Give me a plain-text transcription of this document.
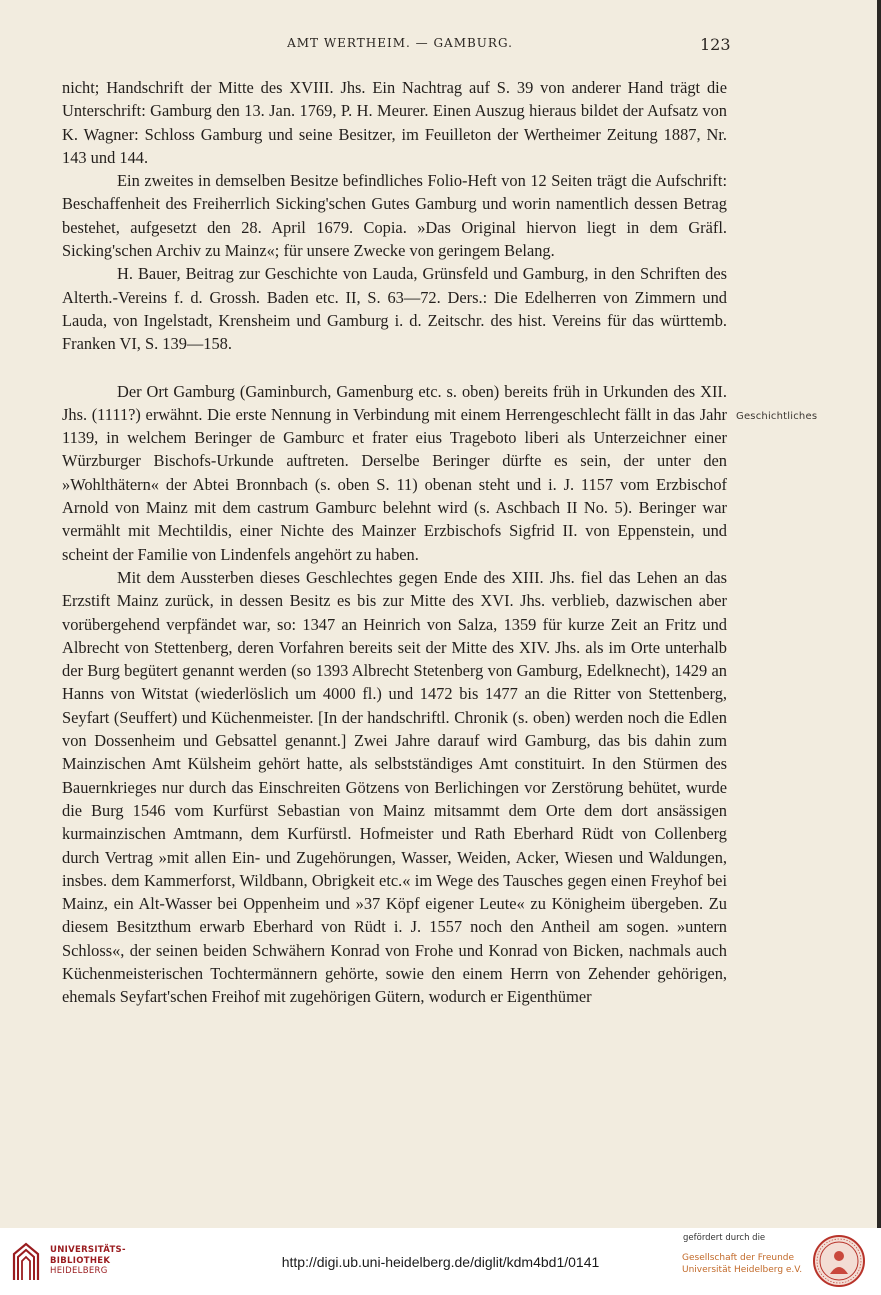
AMT WERTHEIM. — GAMBURG.	123

nicht; Handschrift der Mitte des XVIII. Jhs. Ein Nachtrag auf S. 39 von anderer Hand trägt die Unterschrift: Gamburg den 13. Jan. 1769, P. H. Meurer. Einen Auszug hieraus bildet der Aufsatz von K. Wagner: Schloss Gamburg und seine Besitzer, im Feuilleton der Wertheimer Zeitung 1887, Nr. 143 und 144.

Ein zweites in demselben Besitze befindliches Folio-Heft von 12 Seiten trägt die Aufschrift: Beschaffenheit des Freiherrlich Sicking'schen Gutes Gamburg und worin namentlich dessen Betrag bestehet, aufgesetzt den 28. April 1679. Copia. »Das Original hiervon liegt in dem Gräfl. Sicking'schen Archiv zu Mainz«; für unsere Zwecke von geringem Belang.

H. Bauer, Beitrag zur Geschichte von Lauda, Grünsfeld und Gamburg, in den Schriften des Alterth.-Vereins f. d. Grossh. Baden etc. II, S. 63—72. Ders.: Die Edelherren von Zimmern und Lauda, von Ingelstadt, Krensheim und Gamburg i. d. Zeitschr. des hist. Vereins für das württemb. Franken VI, S. 139—158.

Der Ort Gamburg (Gaminburch, Gamenburg etc. s. oben) bereits früh in Urkunden des XII. Jhs. (1111?) erwähnt. Die erste Nennung in Verbindung mit einem Herrengeschlecht fällt in das Jahr 1139, in welchem Beringer de Gamburc et frater eius Trageboto liberi als Unterzeichner einer Würzburger Bischofs-Urkunde auftreten. Derselbe Beringer dürfte es sein, der unter den »Wohlthätern« der Abtei Bronnbach (s. oben S. 11) obenan steht und i. J. 1157 vom Erzbischof Arnold von Mainz mit dem castrum Gamburc belehnt wird (s. Aschbach II No. 5). Beringer war vermählt mit Mechtildis, einer Nichte des Mainzer Erzbischofs Sigfrid II. von Eppenstein, und scheint der Familie von Lindenfels angehört zu haben.

Mit dem Aussterben dieses Geschlechtes gegen Ende des XIII. Jhs. fiel das Lehen an das Erzstift Mainz zurück, in dessen Besitz es bis zur Mitte des XVI. Jhs. verblieb, dazwischen aber vorübergehend verpfändet war, so: 1347 an Heinrich von Salza, 1359 für kurze Zeit an Fritz und Albrecht von Stettenberg, deren Vorfahren bereits seit der Mitte des XIV. Jhs. als im Orte unterhalb der Burg begütert genannt werden (so 1393 Albrecht Stetenberg von Gamburg, Edelknecht), 1429 an Hanns von Witstat (wiederlöslich um 4000 fl.) und 1472 bis 1477 an die Ritter von Stettenberg, Seyfart (Seuffert) und Küchenmeister. [In der handschriftl. Chronik (s. oben) werden noch die Edlen von Dossenheim und Gebsattel genannt.] Zwei Jahre darauf wird Gamburg, das bis dahin zum Mainzischen Amt Külsheim gehört hatte, als selbstständiges Amt constituirt. In den Stürmen des Bauernkrieges nur durch das Einschreiten Götzens von Berlichingen vor Zerstörung behütet, wurde die Burg 1546 vom Kurfürst Sebastian von Mainz mitsammt dem Orte dem dort ansässigen kurmainzischen Amtmann, dem Kurfürstl. Hofmeister und Rath Eberhard Rüdt von Collenberg durch Vertrag »mit allen Ein- und Zugehörungen, Wasser, Weiden, Acker, Wiesen und Waldungen, insbes. dem Kammerforst, Wildbann, Obrigkeit etc.« im Wege des Tausches gegen einen Freyhof bei Mainz, ein Alt-Wasser bei Oppenheim und »37 Köpf eigener Leute« zu Königheim übergeben. Zu diesem Besitzthum erwarb Eberhard von Rüdt i. J. 1557 noch den Antheil am sogen. »untern Schloss«, der seinen beiden Schwähern Konrad von Frohe und Konrad von Bicken, nachmals auch Küchenmeisterischen Tochtermännern gehörte, sowie den einem Herrn von Zehender gehörigen, ehemals Seyfart'schen Freihof mit zugehörigen Gütern, wodurch er Eigenthümer

Geschichtliches
UNIVERSITÄTS-
BIBLIOTHEK
HEIDELBERG
http://digi.ub.uni-heidelberg.de/diglit/kdm4bd1/0141
gefördert durch die
Gesellschaft der Freunde
Universität Heidelberg e.V.
